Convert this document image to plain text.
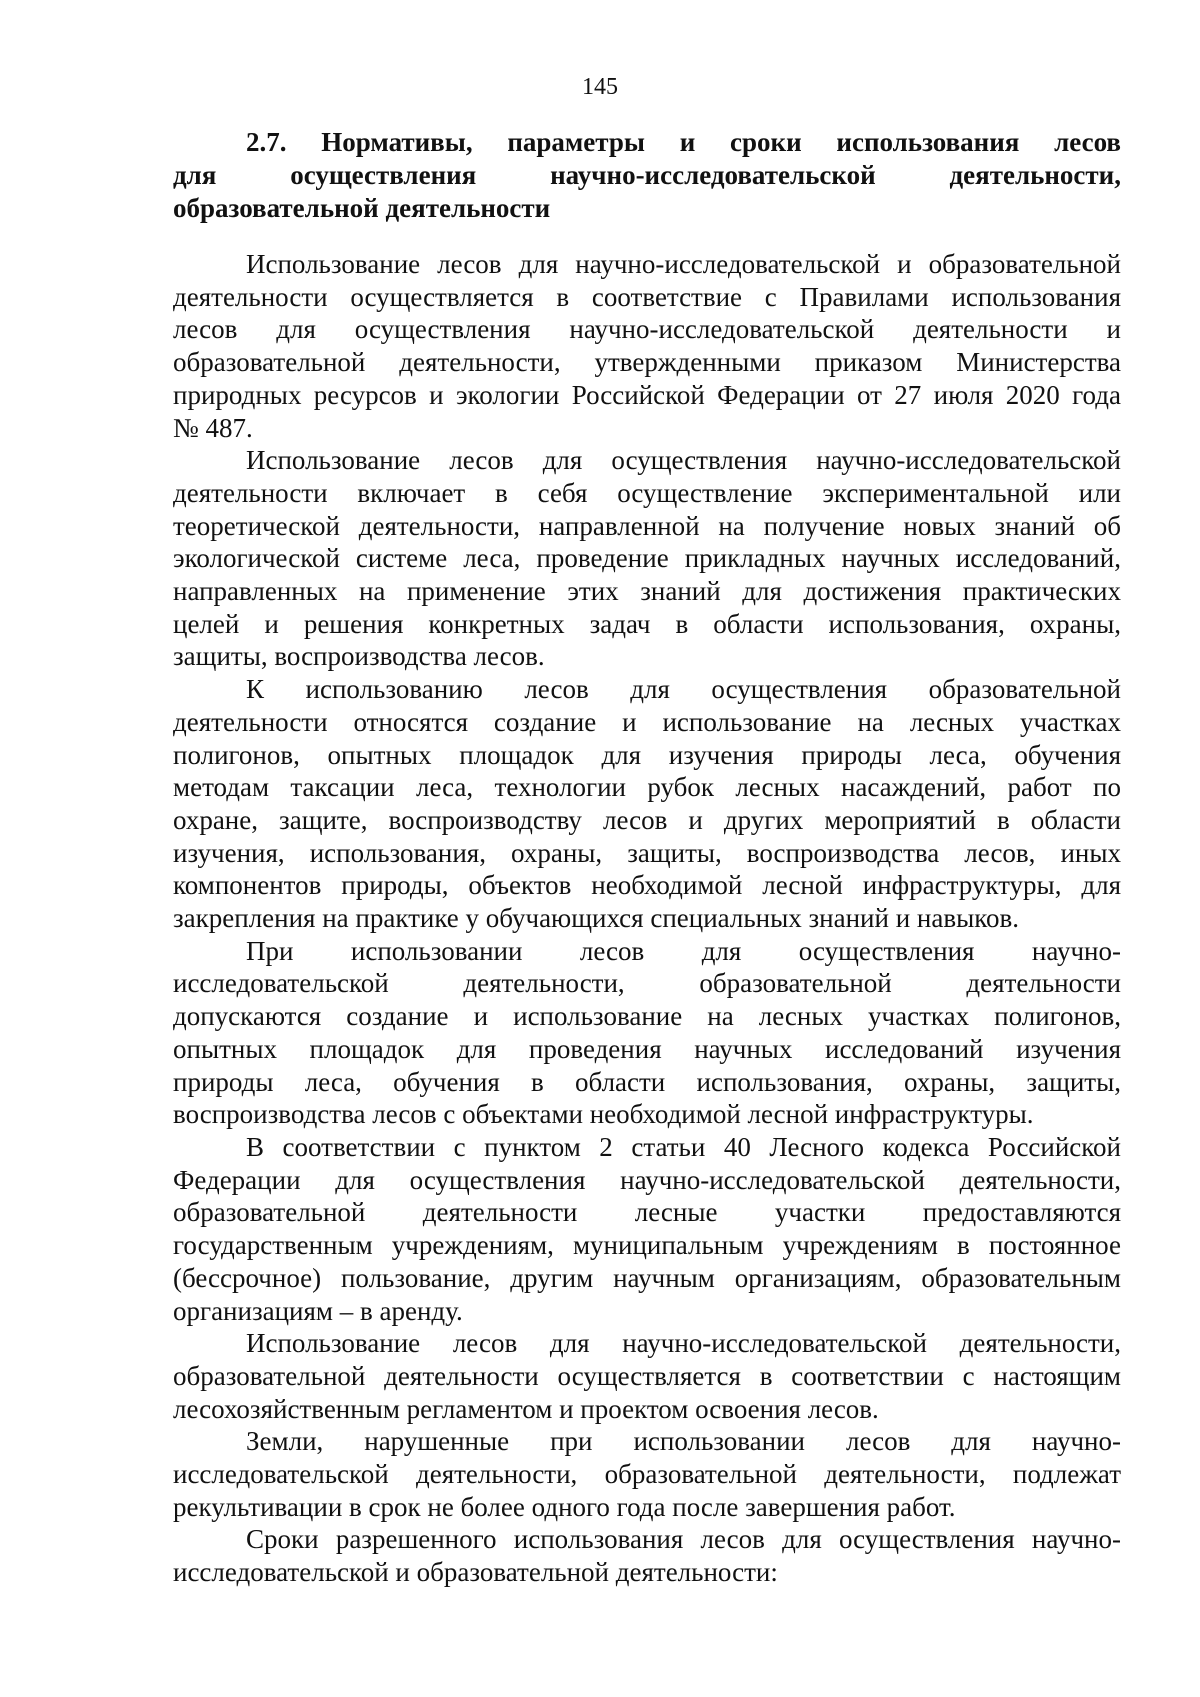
145
2.7. Нормативы, параметры и сроки использования лесов
для осуществления научно-исследовательской деятельности,
образовательной деятельности

Использование лесов для научно-исследовательской и образовательной
деятельности осуществляется в соответствие с Правилами использования
лесов для осуществления научно-исследовательской деятельности и
образовательной деятельности, утвержденными приказом Министерства
природных ресурсов и экологии Российской Федерации от 27 июля 2020 года
№ 487.

Использование лесов для осуществления научно-исследовательской
деятельности включает в себя осуществление экспериментальной или
теоретической деятельности, направленной на получение новых знаний об
экологической системе леса, проведение прикладных научных исследований,
направленных на применение этих знаний для достижения практических
целей и решения конкретных задач в области использования, охраны,
защиты, воспроизводства лесов.

К использованию лесов для осуществления образовательной
деятельности относятся создание и использование на лесных участках
полигонов, опытных площадок для изучения природы леса, обучения
методам таксации леса, технологии рубок лесных насаждений, работ по
охране, защите, воспроизводству лесов и других мероприятий в области
изучения, использования, охраны, защиты, воспроизводства лесов, иных
компонентов природы, объектов необходимой лесной инфраструктуры, для
закрепления на практике у обучающихся специальных знаний и навыков.

При использовании лесов для осуществления научно-
исследовательской деятельности, образовательной деятельности
допускаются создание и использование на лесных участках полигонов,
опытных площадок для проведения научных исследований изучения
природы леса, обучения в области использования, охраны, защиты,
воспроизводства лесов с объектами необходимой лесной инфраструктуры.

В соответствии с пунктом 2 статьи 40 Лесного кодекса Российской
Федерации для осуществления научно-исследовательской деятельности,
образовательной деятельности лесные участки предоставляются
государственным учреждениям, муниципальным учреждениям в постоянное
(бессрочное) пользование, другим научным организациям, образовательным
организациям – в аренду.

Использование лесов для научно-исследовательской деятельности,
образовательной деятельности осуществляется в соответствии с настоящим
лесохозяйственным регламентом и проектом освоения лесов.

Земли, нарушенные при использовании лесов для научно-
исследовательской деятельности, образовательной деятельности, подлежат
рекультивации в срок не более одного года после завершения работ.

Сроки разрешенного использования лесов для осуществления научно-
исследовательской и образовательной деятельности:
